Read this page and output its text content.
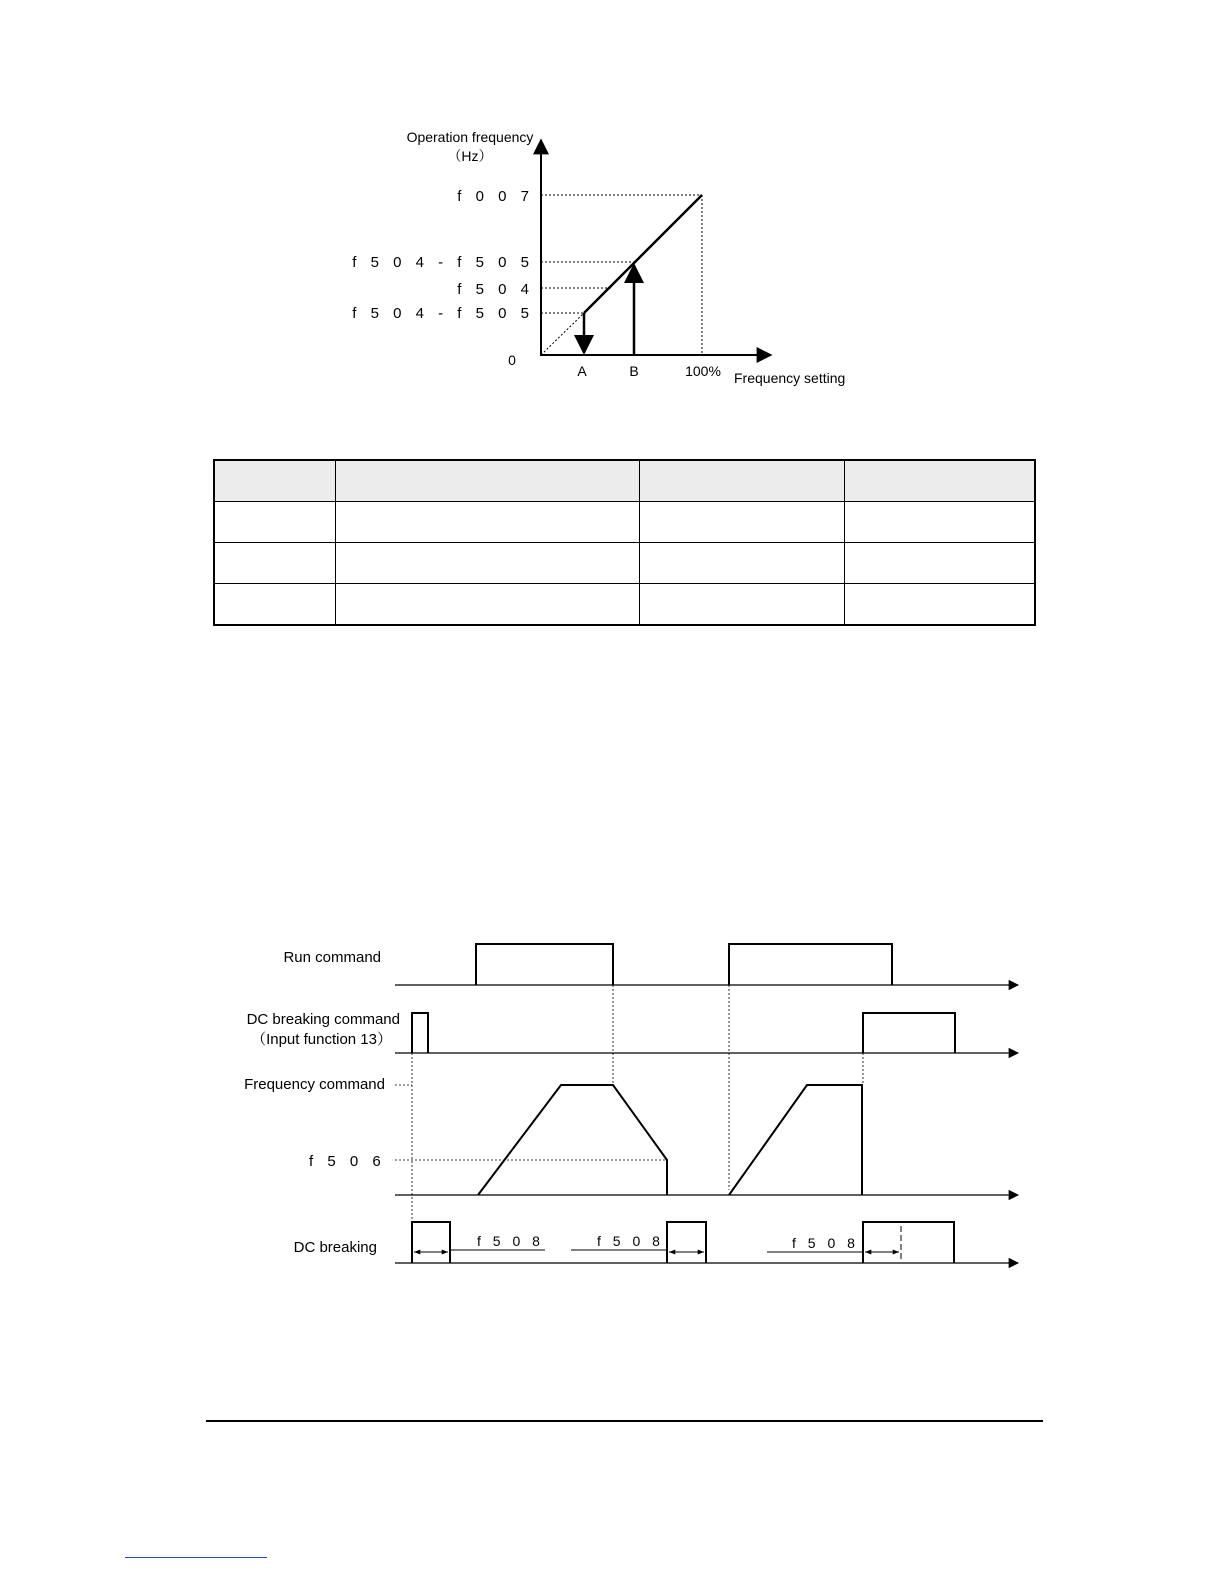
Operation frequency
（Hz）
f 0 0 7
f 5 0 4 - f 5 0 5
f 5 0 4
f 5 0 4 - f 5 0 5
0
A	B	100% Frequency setting

Run command
DC breaking command
（Input function 13）
Frequency command
f 5 0 6
DC breaking	f 5 0 8	f 5 0 8	f 5 0 8
